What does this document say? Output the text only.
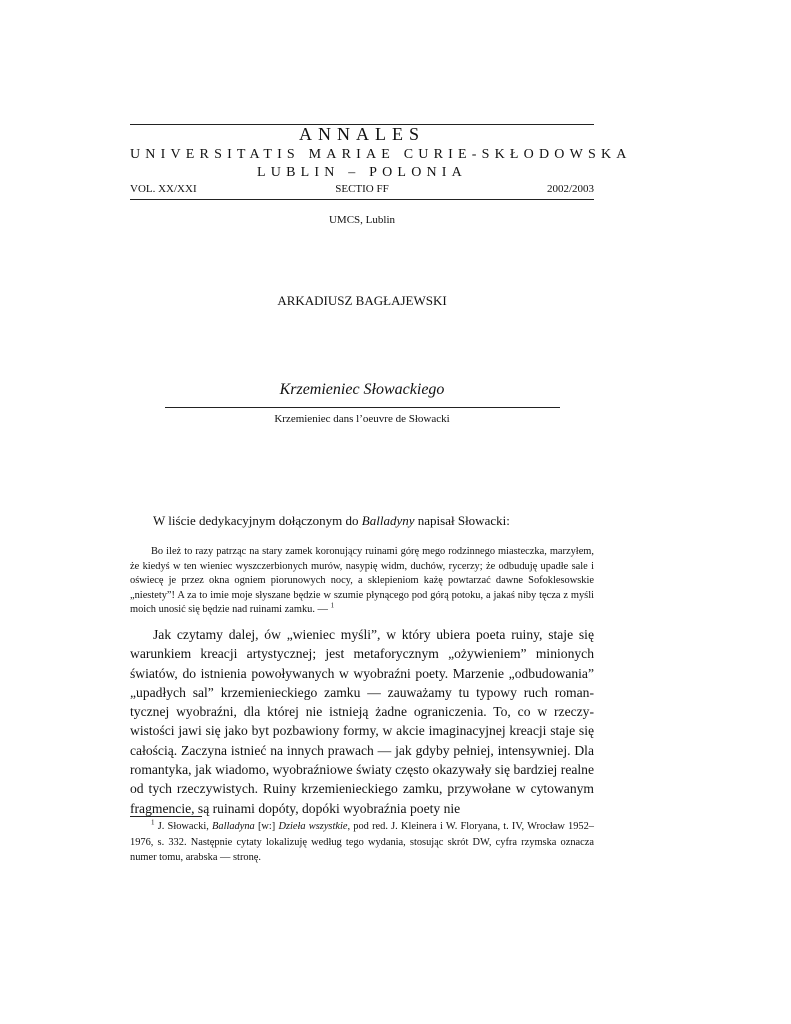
ANNALES
UNIVERSITATIS MARIAE CURIE-SKŁODOWSKA
LUBLIN – POLONIA
VOL. XX/XXI	SECTIO FF	2002/2003
UMCS, Lublin
ARKADIUSZ BAGŁAJEWSKI
Krzemieniec Słowackiego
Krzemieniec dans l’oeuvre de Słowacki
W liście dedykacyjnym dołączonym do Balladyny napisał Słowacki:
Bo ileż to razy patrząc na stary zamek koronujący ruinami górę mego rodzinnego miasteczka, marzyłem, że kiedyś w ten wieniec wyszczerbionych murów, nasypię widm, duchów, rycerzy; że odbuduję upadłe sale i oświecę je przez okna ogniem piorunowych nocy, a sklepieniom każę powtarzać dawne Sofoklesowskie „niestety”! A za to imie moje słyszane będzie w szumie płynącego pod górą potoku, a jakaś niby tęcza z myśli moich unosić się będzie nad ruinami zamku. — $^1$
Jak czytamy dalej, ów „wieniec myśli”, w który ubiera poeta ruiny, staje się warunkiem kreacji artystycznej; jest metaforycznym „ożywieniem” minionych światów, do istnienia powoływanych w wyobraźni poety. Marzenie „odbudowania” „upadłych sal” krzemienieckiego zamku — zauważamy tu typowy ruch romantycznej wyobraźni, dla której nie istnieją żadne ograniczenia. To, co w rzeczywistości jawi się jako byt pozbawiony formy, w akcie imaginacyjnej kreacji staje się całością. Zaczyna istnieć na innych prawach — jak gdyby pełniej, intensywniej. Dla romantyka, jak wiadomo, wyobraźniowe światy często okazywały się bardziej realne od tych rzeczywistych. Ruiny krzemienieckiego zamku, przywołane w cytowanym fragmencie, są ruinami dopóty, dopóki wyobraźnia poety nie
$^1$ J. Słowacki, Balladyna [w:] Dzieła wszystkie, pod red. J. Kleinera i W. Floryana, t. IV, Wrocław 1952–1976, s. 332. Następnie cytaty lokalizuję według tego wydania, stosując skrót DW, cyfra rzymska oznacza numer tomu, arabska — stronę.
